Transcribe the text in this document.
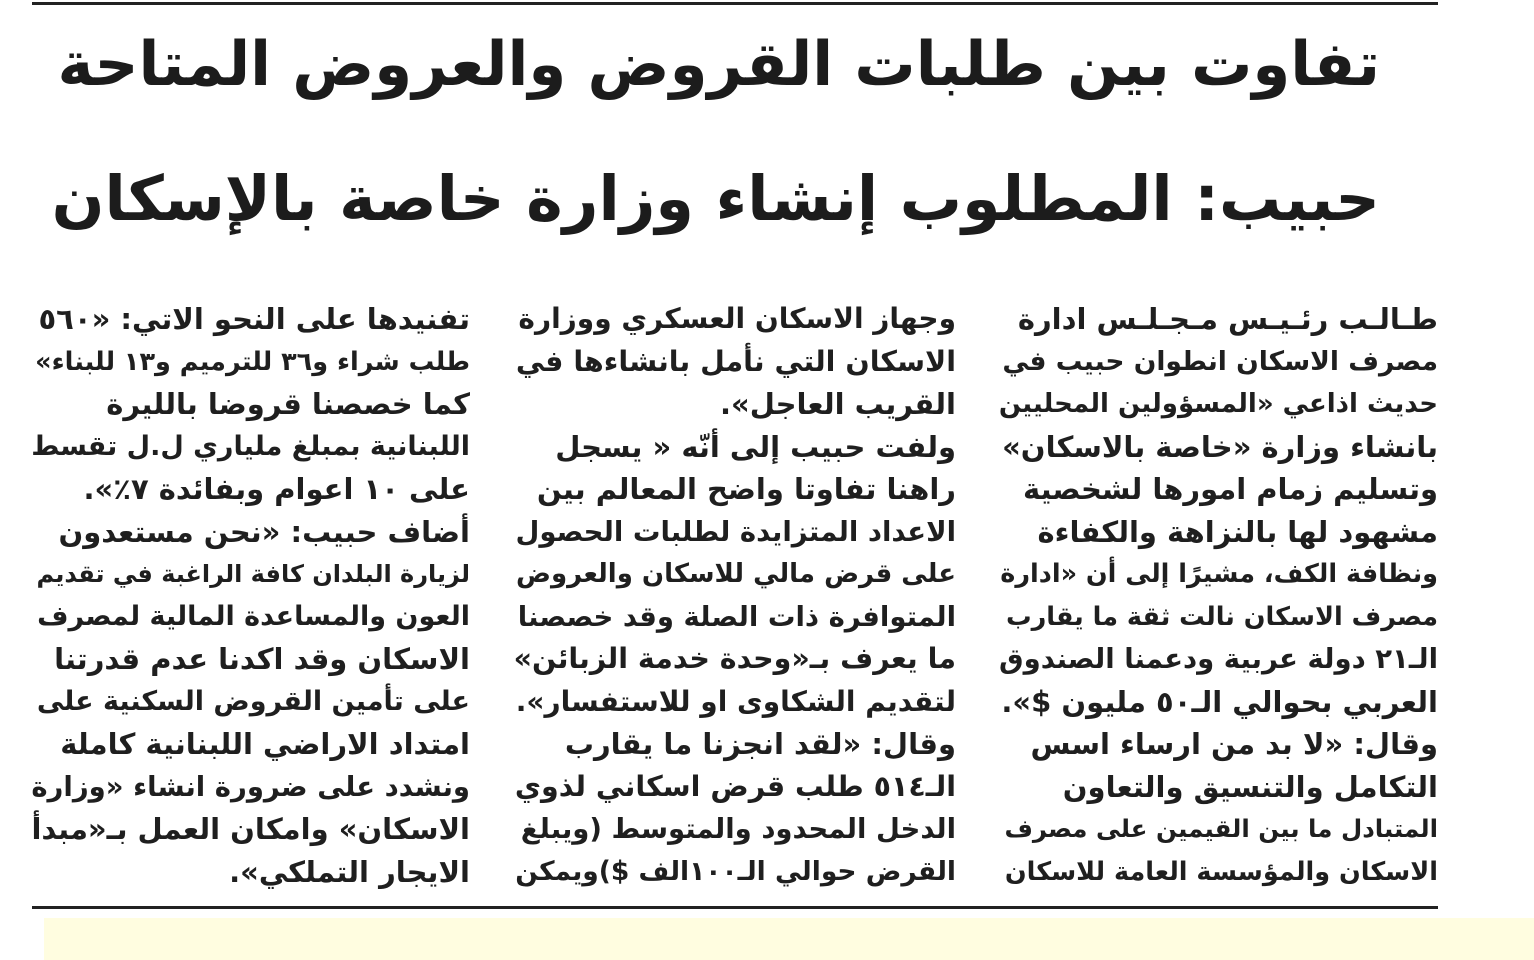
تفاوت بين طلبات القروض والعروض المتاحة
حبيب: المطلوب إنشاء وزارة خاصة بالإسكان
طـالـب رئـيـس مـجـلـس ادارة
مصرف الاسكان انطوان حبيب في
حديث اذاعي «المسؤولين المحليين
بانشاء وزارة «خاصة بالاسكان»
وتسليم زمام امورها لشخصية
مشهود لها بالنزاهة والكفاءة
ونظافة الكف، مشيرًا إلى أن «ادارة
مصرف الاسكان نالت ثقة ما يقارب
الـ٢١ دولة عربية ودعمنا الصندوق
العربي بحوالي الـ٥٠ مليون $».
وقال: «لا بد من ارساء اسس
التكامل والتنسيق والتعاون
المتبادل ما بين القيمين على مصرف
الاسكان والمؤسسة العامة للاسكان
وجهاز الاسكان العسكري ووزارة
الاسكان التي نأمل بانشاءها في
القريب العاجل».
ولفت حبيب إلى أنّه « يسجل
راهنا تفاوتا واضح المعالم بين
الاعداد المتزايدة لطلبات الحصول
على قرض مالي للاسكان والعروض
المتوافرة ذات الصلة وقد خصصنا
ما يعرف بـ«وحدة خدمة الزبائن»
لتقديم الشكاوى او للاستفسار».
وقال: «لقد انجزنا ما يقارب
الـ٥١٤ طلب قرض اسكاني لذوي
الدخل المحدود والمتوسط (ويبلغ
القرض حوالي الـ١٠٠الف $)ويمكن
تفنيدها على النحو الاتي: «٥٦٠
طلب شراء و٣٦ للترميم و١٣ للبناء»
كما خصصنا قروضا بالليرة
اللبنانية بمبلغ ملياري ل.ل تقسط
على ١٠ اعوام وبفائدة ٧٪».
أضاف حبيب: «نحن مستعدون
لزيارة البلدان كافة الراغبة في تقديم
العون والمساعدة المالية لمصرف
الاسكان وقد اكدنا عدم قدرتنا
على تأمين القروض السكنية على
امتداد الاراضي اللبنانية كاملة
ونشدد على ضرورة انشاء «وزارة
الاسكان» وامكان العمل بـ«مبدأ
الايجار التملكي».
